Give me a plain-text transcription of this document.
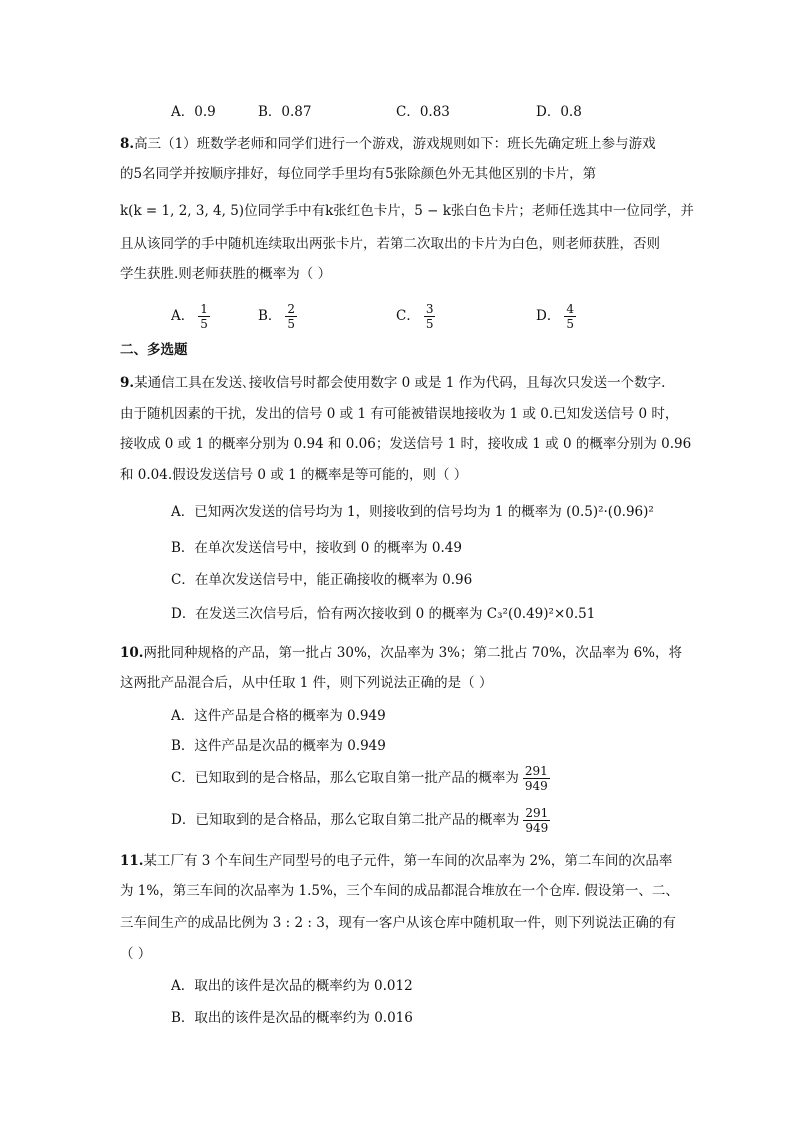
A．0.9	B．0.87	C．0.83	D．0.8
8.高三（1）班数学老师和同学们进行一个游戏，游戏规则如下：班长先确定班上参与游戏
的5名同学并按顺序排好，每位同学手里均有5张除颜色外无其他区别的卡片，第
k(k = 1, 2, 3, 4, 5)位同学手中有k张红色卡片，5 − k张白色卡片；老师任选其中一位同学，并
且从该同学的手中随机连续取出两张卡片，若第二次取出的卡片为白色，则老师获胜，否则
学生获胜.则老师获胜的概率为（ ）
A． $\frac{1}{5}$	B． $\frac{2}{5}$	C． $\frac{3}{5}$	D． $\frac{4}{5}$
二、多选题
9.某通信工具在发送､接收信号时都会使用数字 0 或是 1 作为代码，且每次只发送一个数字.
由于随机因素的干扰，发出的信号 0 或 1 有可能被错误地接收为 1 或 0.已知发送信号 0 时，
接收成 0 或 1 的概率分别为 0.94 和 0.06；发送信号 1 时，接收成 1 或 0 的概率分别为 0.96
和 0.04.假设发送信号 0 或 1 的概率是等可能的，则（ ）
A．已知两次发送的信号均为 1，则接收到的信号均为 1 的概率为 (0.5)²·(0.96)²
B．在单次发送信号中，接收到 0 的概率为 0.49
C．在单次发送信号中，能正确接收的概率为 0.96
D．在发送三次信号后，恰有两次接收到 0 的概率为 C₃²(0.49)²×0.51
10.两批同种规格的产品，第一批占 30%，次品率为 3%；第二批占 70%，次品率为 6%，将
这两批产品混合后，从中任取 1 件，则下列说法正确的是（ ）
A．这件产品是合格的概率为 0.949
B．这件产品是次品的概率为 0.949
C．已知取到的是合格品，那么它取自第一批产品的概率为 $\frac{291}{949}$
D．已知取到的是合格品，那么它取自第二批产品的概率为 $\frac{291}{949}$
11.某工厂有 3 个车间生产同型号的电子元件，第一车间的次品率为 2%，第二车间的次品率
为 1%，第三车间的次品率为 1.5%，三个车间的成品都混合堆放在一个仓库. 假设第一、二、
三车间生产的成品比例为 3 : 2 : 3，现有一客户从该仓库中随机取一件，则下列说法正确的有
（ ）
A．取出的该件是次品的概率约为 0.012
B．取出的该件是次品的概率约为 0.016
